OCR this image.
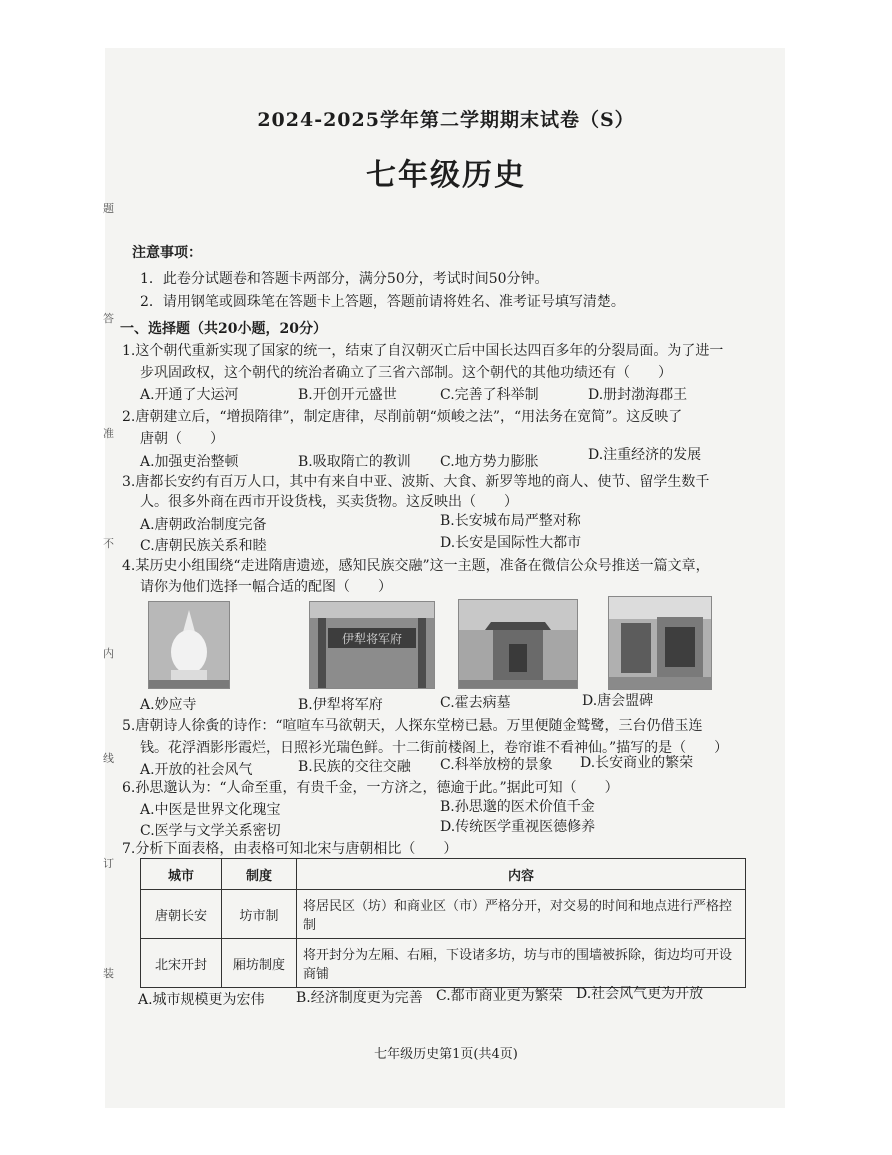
题
答
准
不
内
线
订
装
2024-2025学年第二学期期末试卷（S）
七年级历史
注意事项：
1．此卷分试题卷和答题卡两部分，满分50分，考试时间50分钟。
2．请用钢笔或圆珠笔在答题卡上答题，答题前请将姓名、准考证号填写清楚。
一、选择题（共20小题，20分）
1.这个朝代重新实现了国家的统一，结束了自汉朝灭亡后中国长达四百多年的分裂局面。为了进一
步巩固政权，这个朝代的统治者确立了三省六部制。这个朝代的其他功绩还有（　　）
A.开通了大运河	B.开创开元盛世	C.完善了科举制	D.册封渤海郡王
2.唐朝建立后，“增损隋律”，制定唐律，尽削前朝“烦峻之法”，“用法务在宽简”。这反映了
唐朝（　　）
A.加强吏治整顿	B.吸取隋亡的教训 C.地方势力膨胀	D.注重经济的发展
3.唐都长安约有百万人口，其中有来自中亚、波斯、大食、新罗等地的商人、使节、留学生数千
人。很多外商在西市开设货栈，买卖货物。这反映出（　　）
A.唐朝政治制度完备	B.长安城布局严整对称
C.唐朝民族关系和睦	D.长安是国际性大都市
4.某历史小组围绕“走进隋唐遗迹，感知民族交融”这一主题，准备在微信公众号推送一篇文章，
请你为他们选择一幅合适的配图（　　）
伊犁将军府
A.妙应寺	B.伊犁将军府	C.霍去病墓	D.唐会盟碑
5.唐朝诗人徐夤的诗作：“喧喧车马欲朝天，人探东堂榜已悬。万里便随金鹫鹭，三台仍借玉连
钱。花浮酒影彤霞烂，日照衫光瑞色鲜。十二街前楼阁上，卷帘谁不看神仙。”描写的是（　　）
A.开放的社会风气	B.民族的交往交融 C.科举放榜的景象 D.长安商业的繁荣
6.孙思邈认为：“人命至重，有贵千金，一方济之，德逾于此。”据此可知（　　）
A.中医是世界文化瑰宝	B.孙思邈的医术价值千金
C.医学与文学关系密切	D.传统医学重视医德修养
7.分析下面表格，由表格可知北宋与唐朝相比（　　）
城市	制度	内容
唐朝长安	坊市制	将居民区（坊）和商业区（市）严格分开，对交易的时间和地点进行严格控制
北宋开封	厢坊制度	将开封分为左厢、右厢，下设诸多坊，坊与市的围墙被拆除，街边均可开设商铺
A.城市规模更为宏伟 B.经济制度更为完善 C.都市商业更为繁荣 D.社会风气更为开放
七年级历史第1页(共4页)
